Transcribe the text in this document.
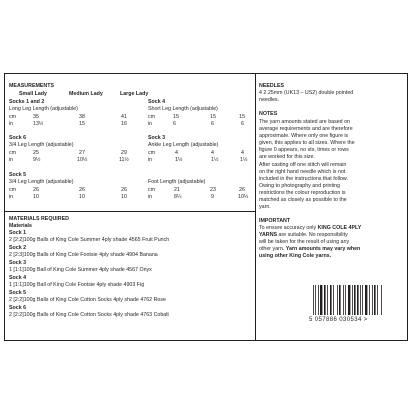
MEASUREMENTS
Small Lady	Medium Lady	Large Lady
Socks 1 and 2
Long Leg Length (adjustable)
cm	35	38	41
in	13½	15	16
Sock 4
Short Leg Length (adjustable)
cm	15	15	15
in	6	6	6
Sock 6
3/4 Leg Length (adjustable)
cm	25	27	29
in	9½	10½	11½
Sock 3
Ankle Leg Length (adjustable)
cm	4	4	4
in	1½	1½	1½
Sock 5
3/4 Leg Length (adjustable)
cm	26	26	26
in	10	10	10
Foot Length (adjustable)
cm	21	23	26
in	8¼	9	10¼
MATERIALS REQUIRED
Materials
Sock 1
2 [2:2]100g Balls of King Cole Summer 4ply shade 4565 Fruit Punch
Sock 2
2 [2:3]100g Balls of King Cole Footsie 4ply shade 4904 Banana
Sock 3
1 [1:1]100g Ball of King Cole Summer 4ply shade 4567 Onyx
Sock 4
1 [1:1]100g Ball of King Cole Footsie 4ply shade 4903 Fig
Sock 5
2 [2:2]100g Balls of King Cole Cotton Socks 4ply shade 4762 Rose
Sock 6
2 [2:2]100g Balls of King Cole Cotton Socks 4ply shade 4763 Cobalt
NEEDLES
4 2.25mm (UK13 – US2) double pointed
needles.
NOTES
The yarn amounts stated are based on
average requirements and are therefore
approximate. Where only one figure is
given, this applies to all sizes. Where the
figure 0 appears, no sts, times or rows
are worked for this size.
After casting off one stitch will remain
on the right hand needle which is not
included in the instructions that follow.
Owing to photography and printing
restrictions the colour reproduction is
matched as closely as possible to the
yarn.
IMPORTANT
To ensure accuracy only KING COLE 4PLY
YARNS are suitable. No responsibility
will be taken for the result of using any
other yarn. Yarn amounts may vary when
using other King Cole yarns.
5 057886 030534 >
